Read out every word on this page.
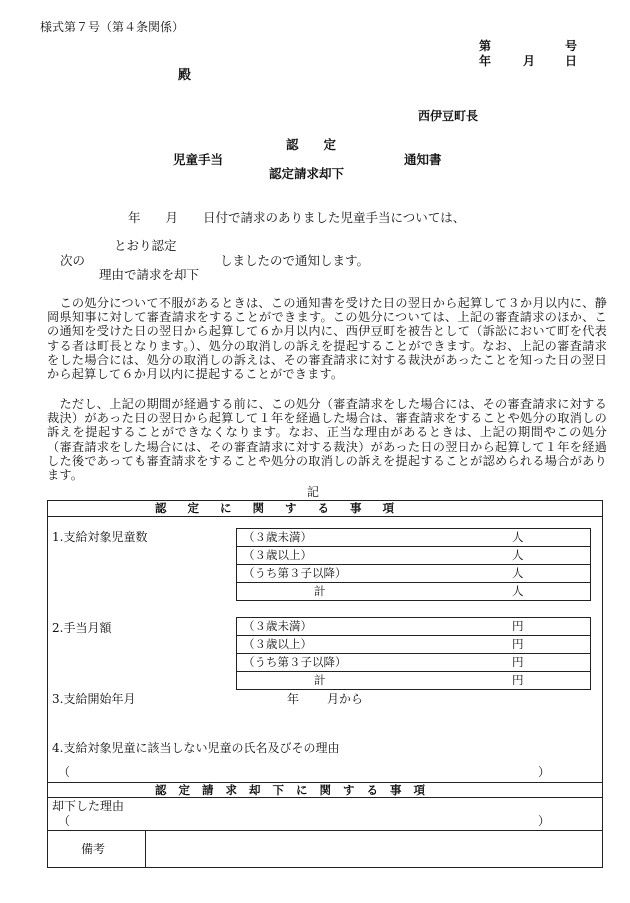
様式第７号（第４条関係）
第	号
年	月 日
殿
西伊豆町長
認　　定
児童手当	通知書
認定請求却下
年　　月　　日付で請求のありました児童手当については、
とおり認定
次の	しましたので通知します。
理由で請求を却下
　この処分について不服があるときは、この通知書を受けた日の翌日から起算して３か月以内に、静岡県知事に対して審査請求をすることができます。この処分については、上記の審査請求のほか、この通知を受けた日の翌日から起算して６か月以内に、西伊豆町を被告として（訴訟において町を代表する者は町長となります。）、処分の取消しの訴えを提起することができます。なお、上記の審査請求をした場合には、処分の取消しの訴えは、その審査請求に対する裁決があったことを知った日の翌日から起算して６か月以内に提起することができます。
　ただし、上記の期間が経過する前に、この処分（審査請求をした場合には、その審査請求に対する裁決）があった日の翌日から起算して１年を経過した場合は、審査請求をすることや処分の取消しの訴えを提起することができなくなります。なお、正当な理由があるときは、上記の期間やこの処分（審査請求をした場合には、その審査請求に対する裁決）があった日の翌日から起算して１年を経過した後であっても審査請求をすることや処分の取消しの訴えを提起することが認められる場合があります。
記
認定に関する事項
1.支給対象児童数	（３歳未満）	人
（３歳以上）	人
（うち第３子以降）	人
計	人
2.手当月額	（３歳未満）	円
（３歳以上）	円
（うち第３子以降）	円
計	円
3.支給開始年月	年 月から
4.支給対象児童に該当しない児童の氏名及びその理由
（	）
認定請求却下に関する事項
却下した理由
（	）
備考
